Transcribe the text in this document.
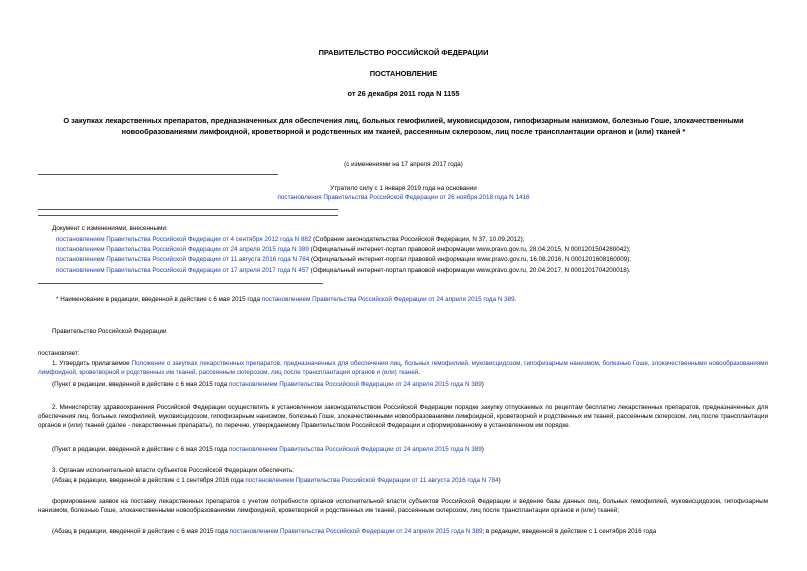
ПРАВИТЕЛЬСТВО РОССИЙСКОЙ ФЕДЕРАЦИИ
ПОСТАНОВЛЕНИЕ
от 26 декабря 2011 года N 1155
О закупках лекарственных препаратов, предназначенных для обеспечения лиц, больных гемофилией, муковисцидозом, гипофизарным нанизмом, болезнью Гоше, злокачественными новообразованиями лимфоидной, кроветворной и родственных им тканей, рассеянным склерозом, лиц после трансплантации органов и (или) тканей *
(с изменениями на 17 апреля 2017 года)
Утратило силу с 1 января 2019 года на основании
постановления Правительства Российской Федерации от 26 ноября 2018 года N 1416
Документ с изменениями, внесенными:
постановлением Правительства Российской Федерации от 4 сентября 2012 года N 882 (Собрание законодательства Российской Федерации, N 37, 10.09.2012);
постановлением Правительства Российской Федерации от 24 апреля 2015 года N 389 (Официальный интернет-портал правовой информации www.pravo.gov.ru, 28.04.2015, N 0001201504280042);
постановлением Правительства Российской Федерации от 11 августа 2016 года N 784 (Официальный интернет-портал правовой информации www.pravo.gov.ru, 16.08.2016, N 0001201608160009);
постановлением Правительства Российской Федерации от 17 апреля 2017 года N 457 (Официальный интернет-портал правовой информации www.pravo.gov.ru, 20.04.2017, N 0001201704200018).
* Наименование в редакции, введенной в действие с 6 мая 2015 года постановлением Правительства Российской Федерации от 24 апреля 2015 года N 389.
Правительство Российской Федерации
постановляет:
1. Утвердить прилагаемое Положение о закупках лекарственных препаратов, предназначенных для обеспечения лиц, больных гемофилией, муковисцидозом, гипофизарным нанизмом, болезнью Гоше, злокачественными новообразованиями лимфоидной, кроветворной и родственных им тканей, рассеянным склерозом, лиц после трансплантации органов и (или) тканей.
(Пункт в редакции, введенной в действие с 6 мая 2015 года постановлением Правительства Российской Федерации от 24 апреля 2015 года N 389)
2. Министерству здравоохранения Российской Федерации осуществлять в установленном законодательством Российской Федерации порядке закупку отпускаемых по рецептам бесплатно лекарственных препаратов, предназначенных для обеспечения лиц, больных гемофилией, муковисцидозом, гипофизарным нанизмом, болезнью Гоше, злокачественными новообразованиями лимфоидной, кроветворной и родственных им тканей, рассеянным склерозом, лиц после трансплантации органов и (или) тканей (далее - лекарственные препараты), по перечню, утверждаемому Правительством Российской Федерации и сформированному в установленном им порядке.
(Пункт в редакции, введенной в действие с 6 мая 2015 года постановлением Правительства Российской Федерации от 24 апреля 2015 года N 389)
3. Органам исполнительной власти субъектов Российской Федерации обеспечить:
(Абзац в редакции, введенной в действие с 1 сентября 2016 года постановлением Правительства Российской Федерации от 11 августа 2016 года N 784)
формирование заявок на поставку лекарственных препаратов с учетом потребности органов исполнительной власти субъектов Российской Федерации и ведение базы данных лиц, больных гемофилией, муковисцидозом, гипофизарным нанизмом, болезнью Гоше, злокачественными новообразованиями лимфоидной, кроветворной и родственных им тканей, рассеянным склерозом, лиц после трансплантации органов и (или) тканей;
(Абзац в редакции, введенной в действие с 6 мая 2015 года постановлением Правительства Российской Федерации от 24 апреля 2015 года N 389; в редакции, введенной в действие с 1 сентября 2016 года
